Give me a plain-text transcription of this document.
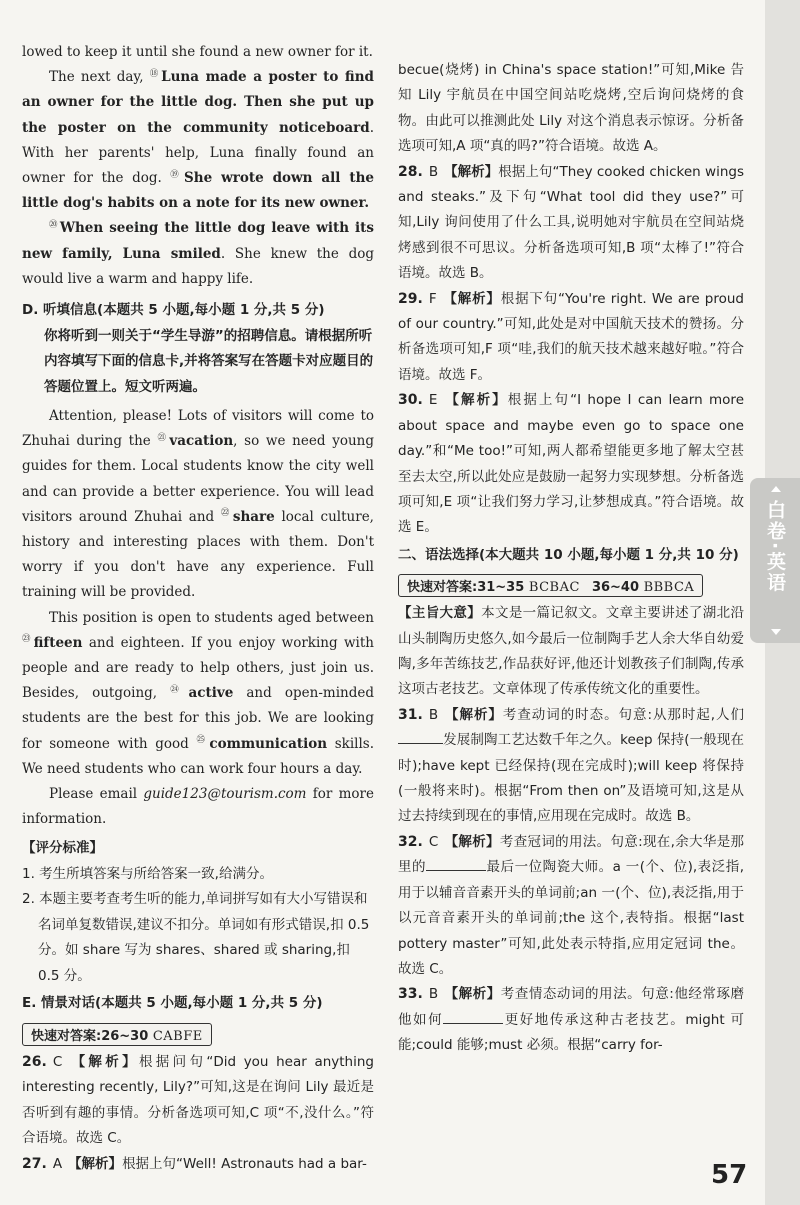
lowed to keep it until she found a new owner for it.

The next day, ⑱Luna made a poster to find an owner for the little dog. Then she put up the poster on the community noticeboard. With her parents' help, Luna finally found an owner for the dog. ⑲She wrote down all the little dog's habits on a note for its new owner.

⑳When seeing the little dog leave with its new family, Luna smiled. She knew the dog would live a warm and happy life.

D. 听填信息(本题共 5 小题,每小题 1 分,共 5 分)

你将听到一则关于“学生导游”的招聘信息。请根据所听内容填写下面的信息卡,并将答案写在答题卡对应题目的答题位置上。短文听两遍。

Attention, please! Lots of visitors will come to Zhuhai during the $^㉑$vacation, so we need young guides for them. Local students know the city well and can provide a better experience. You will lead visitors around Zhuhai and $^㉒$share local culture, history and interesting places with them. Don't worry if you don't have any experience. Full training will be provided.

This position is open to students aged between $^㉓$fifteen and eighteen. If you enjoy working with people and are ready to help others, just join us. Besides, outgoing, $^㉔$active and open-minded students are the best for this job. We are looking for someone with good $^㉕$communication skills. We need students who can work four hours a day.

Please email guide123@tourism.com for more information.

【评分标准】

1. 考生所填答案与所给答案一致,给满分。

2. 本题主要考查考生听的能力,单词拼写如有大小写错误和名词单复数错误,建议不扣分。单词如有形式错误,扣 0.5 分。如 share 写为 shares、shared 或 sharing,扣 0.5 分。

E. 情景对话(本题共 5 小题,每小题 1 分,共 5 分)

快速对答案:26~30 CABFE

26. C 【解析】根据问句“Did you hear anything interesting recently, Lily?”可知,这是在询问 Lily 最近是否听到有趣的事情。分析备选项可知,C 项“不,没什么。”符合语境。故选 C。

27. A 【解析】根据上句“Well! Astronauts had a bar-

becue(烧烤) in China's space station!”可知,Mike 告知 Lily 宇航员在中国空间站吃烧烤,空后询问烧烤的食物。由此可以推测此处 Lily 对这个消息表示惊讶。分析备选项可知,A 项“真的吗?”符合语境。故选 A。

28. B 【解析】根据上句“They cooked chicken wings and steaks.”及下句“What tool did they use?”可知,Lily 询问使用了什么工具,说明她对宇航员在空间站烧烤感到很不可思议。分析备选项可知,B 项“太棒了!”符合语境。故选 B。

29. F 【解析】根据下句“You're right. We are proud of our country.”可知,此处是对中国航天技术的赞扬。分析备选项可知,F 项“哇,我们的航天技术越来越好啦。”符合语境。故选 F。

30. E 【解析】根据上句“I hope I can learn more about space and maybe even go to space one day.”和“Me too!”可知,两人都希望能更多地了解太空甚至去太空,所以此处应是鼓励一起努力实现梦想。分析备选项可知,E 项“让我们努力学习,让梦想成真。”符合语境。故选 E。

二、语法选择(本大题共 10 小题,每小题 1 分,共 10 分)

快速对答案:31~35 BCBAC 36~40 BBBCA

【主旨大意】本文是一篇记叙文。文章主要讲述了湖北沿山头制陶历史悠久,如今最后一位制陶手艺人余大华自幼爱陶,多年苦练技艺,作品获好评,他还计划教孩子们制陶,传承这项古老技艺。文章体现了传承传统文化的重要性。

31. B 【解析】考查动词的时态。句意:从那时起,人们发展制陶工艺达数千年之久。keep 保持(一般现在时);have kept 已经保持(现在完成时);will keep 将保持(一般将来时)。根据“From then on”及语境可知,这是从过去持续到现在的事情,应用现在完成时。故选 B。

32. C 【解析】考查冠词的用法。句意:现在,余大华是那里的	最后一位陶瓷大师。a 一(个、位),表泛指,用于以辅音音素开头的单词前;an 一(个、位),表泛指,用于以元音音素开头的单词前;the 这个,表特指。根据“last pottery master”可知,此处表示特指,应用定冠词 the。故选 C。

33. B 【解析】考查情态动词的用法。句意:他经常琢磨他如何	更好地传承这种古老技艺。might 可能;could 能够;must 必须。根据“carry for-

57
白卷·英语
